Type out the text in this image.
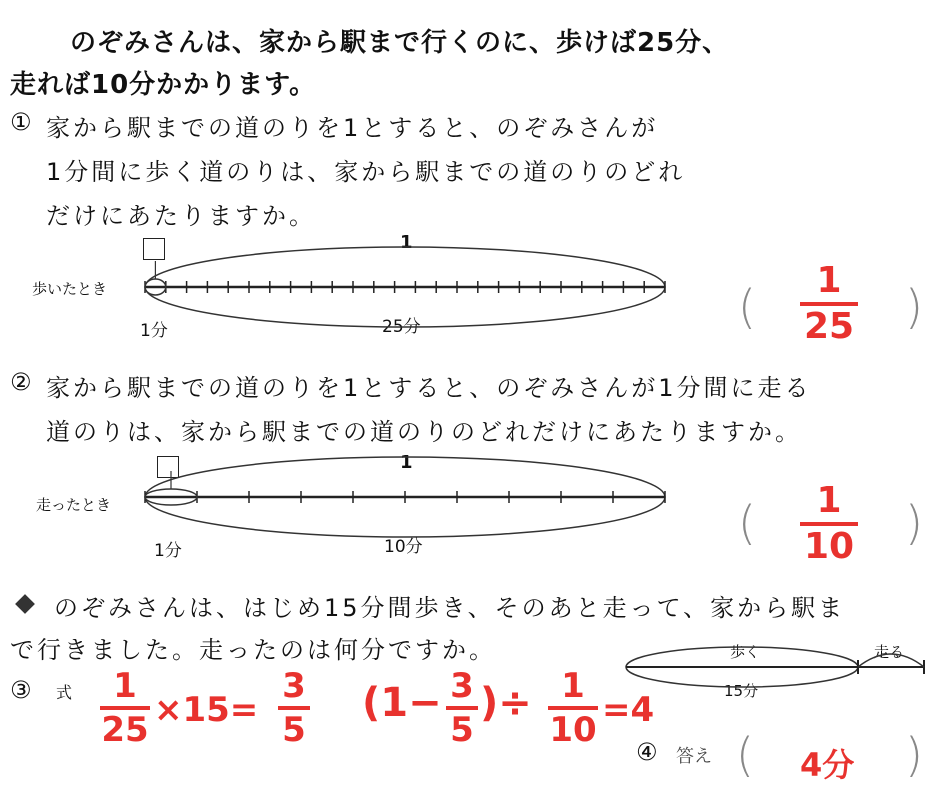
のぞみさんは、家から駅まで行くのに、歩けば25分、
走れば10分かかります。
① 家から駅までの道のりを1とすると、のぞみさんが
1分間に歩く道のりは、家から駅までの道のりのどれ
だけにあたりますか。
歩いたとき
1
1分	25分	(	1
25 )
② 家から駅までの道のりを1とすると、のぞみさんが1分間に走る
道のりは、家から駅までの道のりのどれだけにあたりますか。
走ったとき
1
1分	10分	(	1
10 )
のぞみさんは、はじめ15分間歩き、そのあと走って、家から駅ま
で行きました。走ったのは何分ですか。
③ 式
歩く	走る
15分
1
25 ×15=
3
5
(1− 3
5
)÷ 1
10 =4
④ 答え ( 4分 )
